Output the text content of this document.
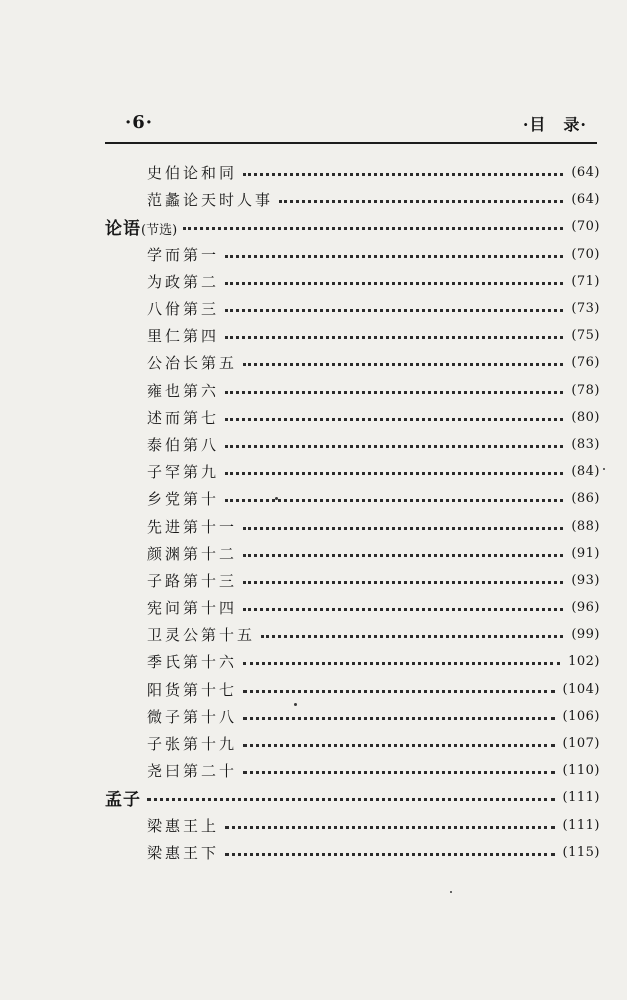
·6·	·目　录·
史伯论和同	(64)
范蠡论天时人事	(64)
论语(节选)	(70)
学而第一	(70)
为政第二	(71)
八佾第三	(73)
里仁第四	(75)
公冶长第五	(76)
雍也第六	(78)
述而第七	(80)
泰伯第八	(83)
子罕第九	(84)
乡党第十	(86)
先进第十一	(88)
颜渊第十二	(91)
子路第十三	(93)
宪问第十四	(96)
卫灵公第十五	(99)
季氏第十六	102)
阳货第十七	(104)
微子第十八	(106)
子张第十九	(107)
尧曰第二十	(110)
孟子	(111)
梁惠王上	(111)
梁惠王下	(115)
